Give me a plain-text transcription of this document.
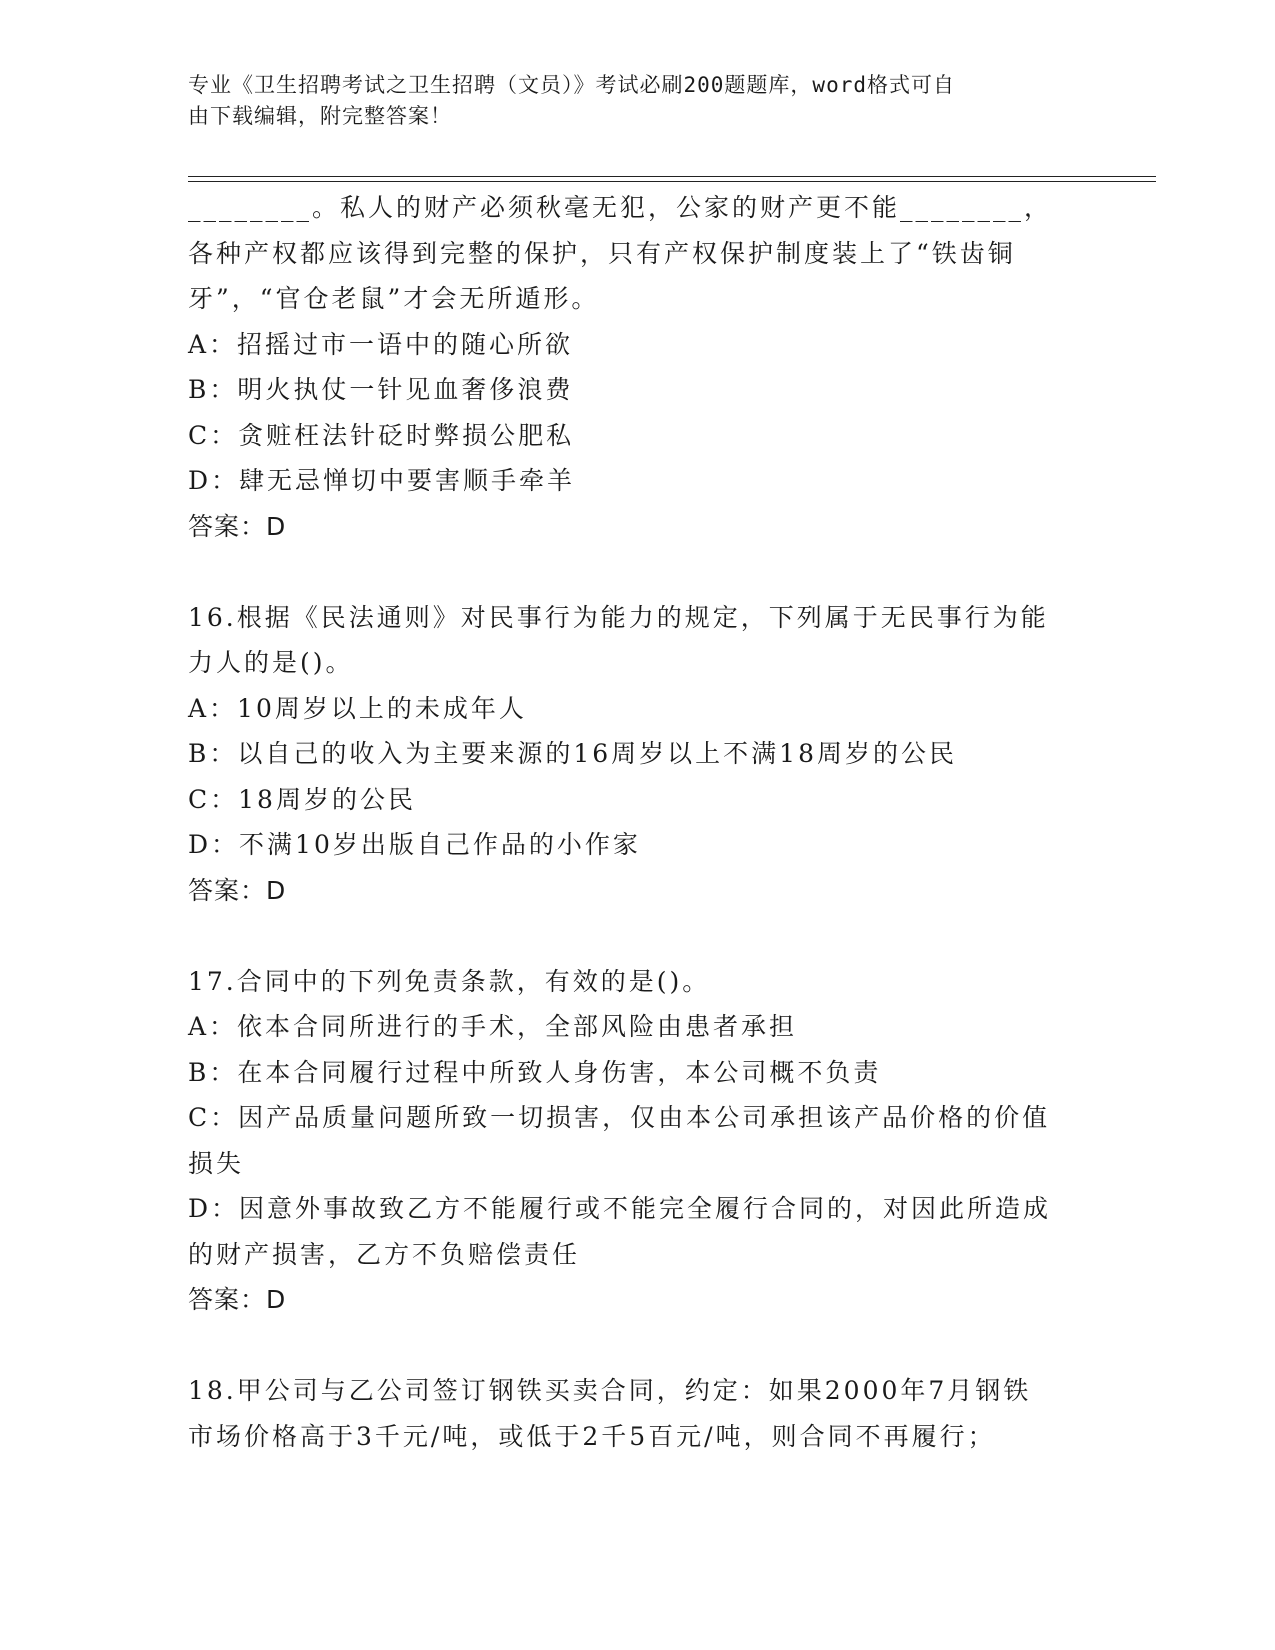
专业《卫生招聘考试之卫生招聘（文员）》考试必刷200题题库，word格式可自
由下载编辑，附完整答案！

________。私人的财产必须秋毫无犯，公家的财产更不能________，

各种产权都应该得到完整的保护，只有产权保护制度装上了“铁齿铜

牙”，“官仓老鼠”才会无所遁形。

A：招摇过市一语中的随心所欲

B：明火执仗一针见血奢侈浪费

C：贪赃枉法针砭时弊损公肥私

D：肆无忌惮切中要害顺手牵羊

答案：D

16.根据《民法通则》对民事行为能力的规定，下列属于无民事行为能

力人的是()。

A：10周岁以上的未成年人

B：以自己的收入为主要来源的16周岁以上不满18周岁的公民

C：18周岁的公民

D：不满10岁出版自己作品的小作家

答案：D

17.合同中的下列免责条款，有效的是()。

A：依本合同所进行的手术，全部风险由患者承担

B：在本合同履行过程中所致人身伤害，本公司概不负责

C：因产品质量问题所致一切损害，仅由本公司承担该产品价格的价值

损失

D：因意外事故致乙方不能履行或不能完全履行合同的，对因此所造成

的财产损害，乙方不负赔偿责任

答案：D

18.甲公司与乙公司签订钢铁买卖合同，约定：如果2000年7月钢铁

市场价格高于3千元/吨，或低于2千5百元/吨，则合同不再履行；
